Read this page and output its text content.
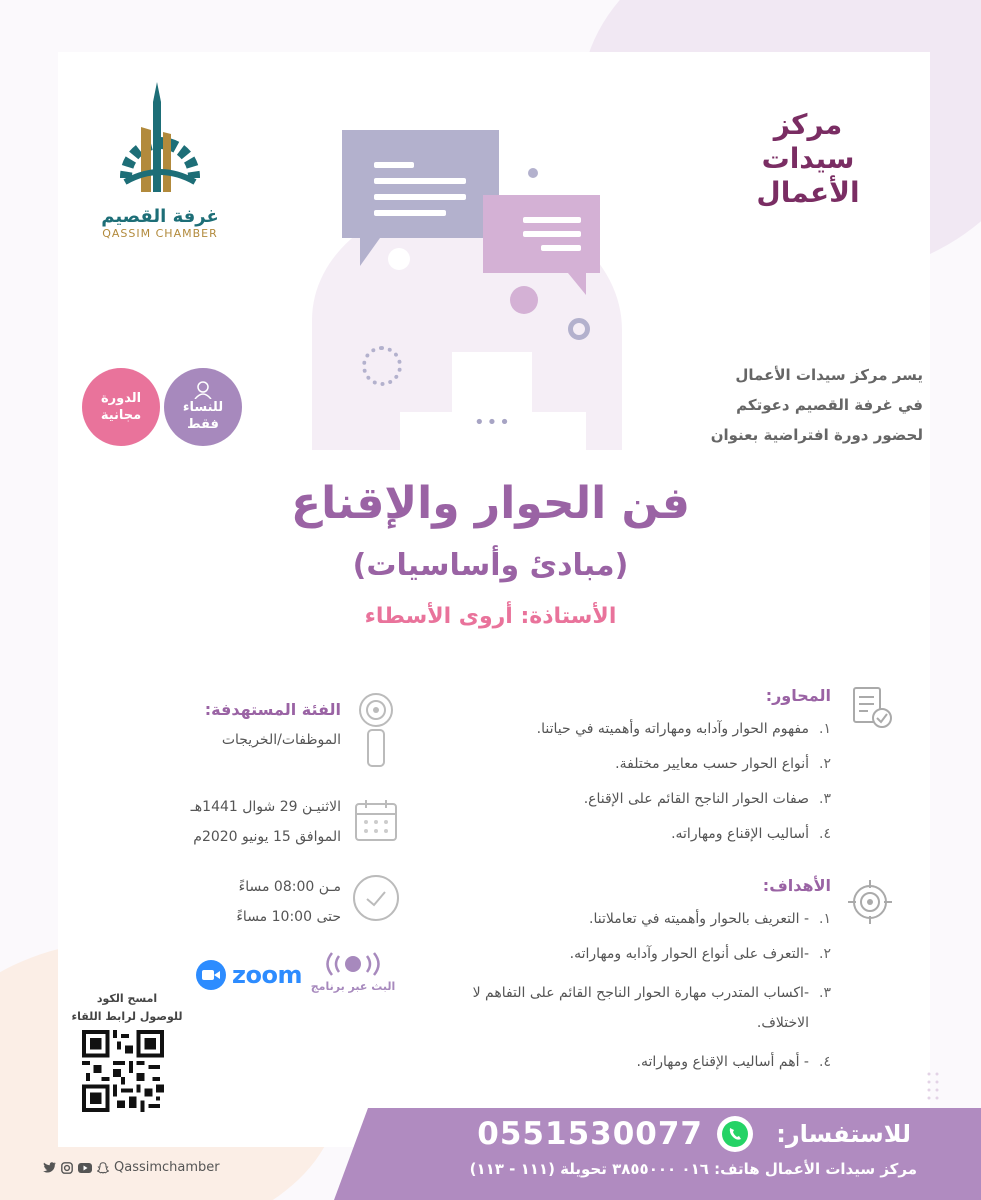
مركز
سيدات
الأعمال
غرفة القصيم
QASSIM CHAMBER
•••
يسر مركز سيدات الأعمال
في غرفة القصيم دعوتكم
لحضور دورة افتراضية بعنوان
للنساء
فقط
الدورة
مجانية
فن الحوار والإقناع
(مبادئ وأساسيات)
الأستاذة: أروى الأسطاء
المحاور:
١.
مفهوم الحوار وآدابه ومهاراته وأهميته في حياتنا.
٢.
أنواع الحوار حسب معايير مختلفة.
٣.
صفات الحوار الناجح القائم على الإقناع.
٤.
أساليب الإقناع ومهاراته.
الأهداف:
١.
- التعريف بالحوار وأهميته في تعاملاتنا.
٢.
-التعرف على أنواع الحوار وآدابه ومهاراته.
٣.
-اكساب المتدرب مهارة الحوار الناجح القائم على التفاهم لا الاختلاف.
٤.
- أهم أساليب الإقناع ومهاراته.
الفئة المستهدفة:
الموظفات/الخريجات
الاثنيـن 29 شوال 1441هـ
الموافق 15 يونيو 2020م
مـن 08:00 مساءً
حتى 10:00 مساءً
zoom البث عبر برنامج
امسح الكود
للوصول لرابط اللقاء
للاستفسار:
0551530077
مركز سيدات الأعمال هاتف: ٠١٦ ٣٨٥٥٠٠٠ تحويلة (١١١ - ١١٣)
Qassimchamber
